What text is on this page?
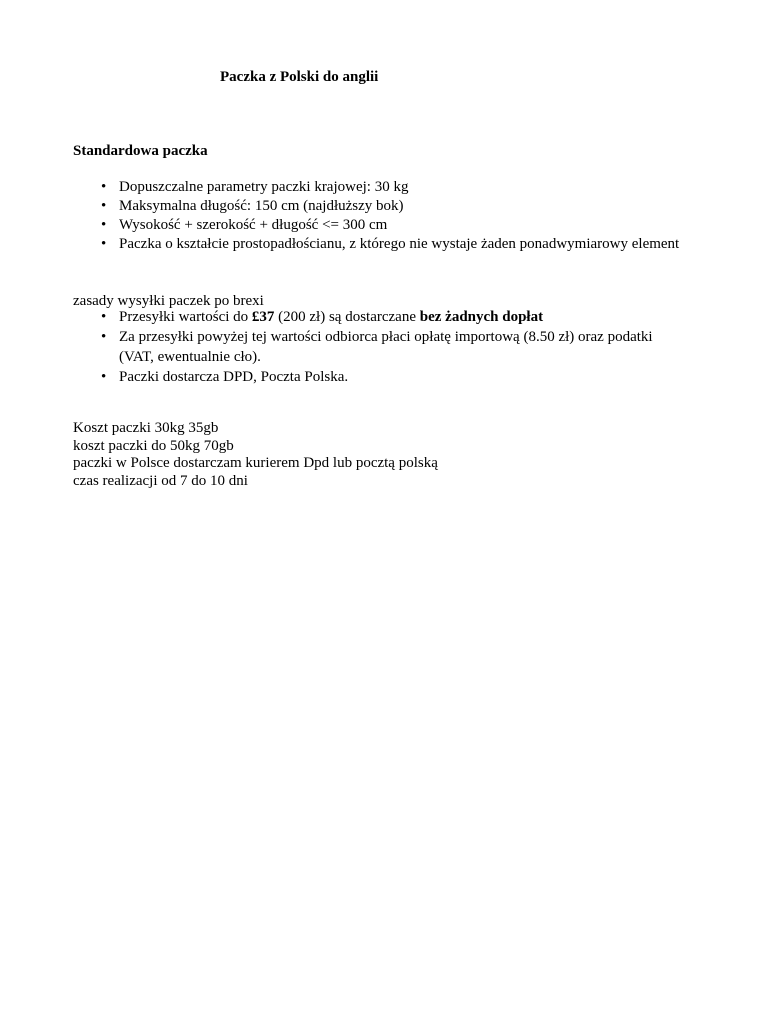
Paczka z Polski do anglii
Standardowa paczka
• Dopuszczalne parametry paczki krajowej: 30 kg
• Maksymalna długość: 150 cm (najdłuższy bok)
• Wysokość + szerokość + długość <= 300 cm
• Paczka o kształcie prostopadłościanu, z którego nie wystaje żaden ponadwymiarowy element
zasady wysyłki paczek po brexi
• Przesyłki wartości do £37 (200 zł) są dostarczane bez żadnych dopłat
• Za przesyłki powyżej tej wartości odbiorca płaci opłatę importową (8.50 zł) oraz podatki (VAT, ewentualnie cło).
• Paczki dostarcza DPD, Poczta Polska.
Koszt paczki 30kg 35gb
koszt paczki do 50kg 70gb
paczki w Polsce dostarczam kurierem Dpd lub pocztą polską
czas realizacji od 7 do 10 dni
